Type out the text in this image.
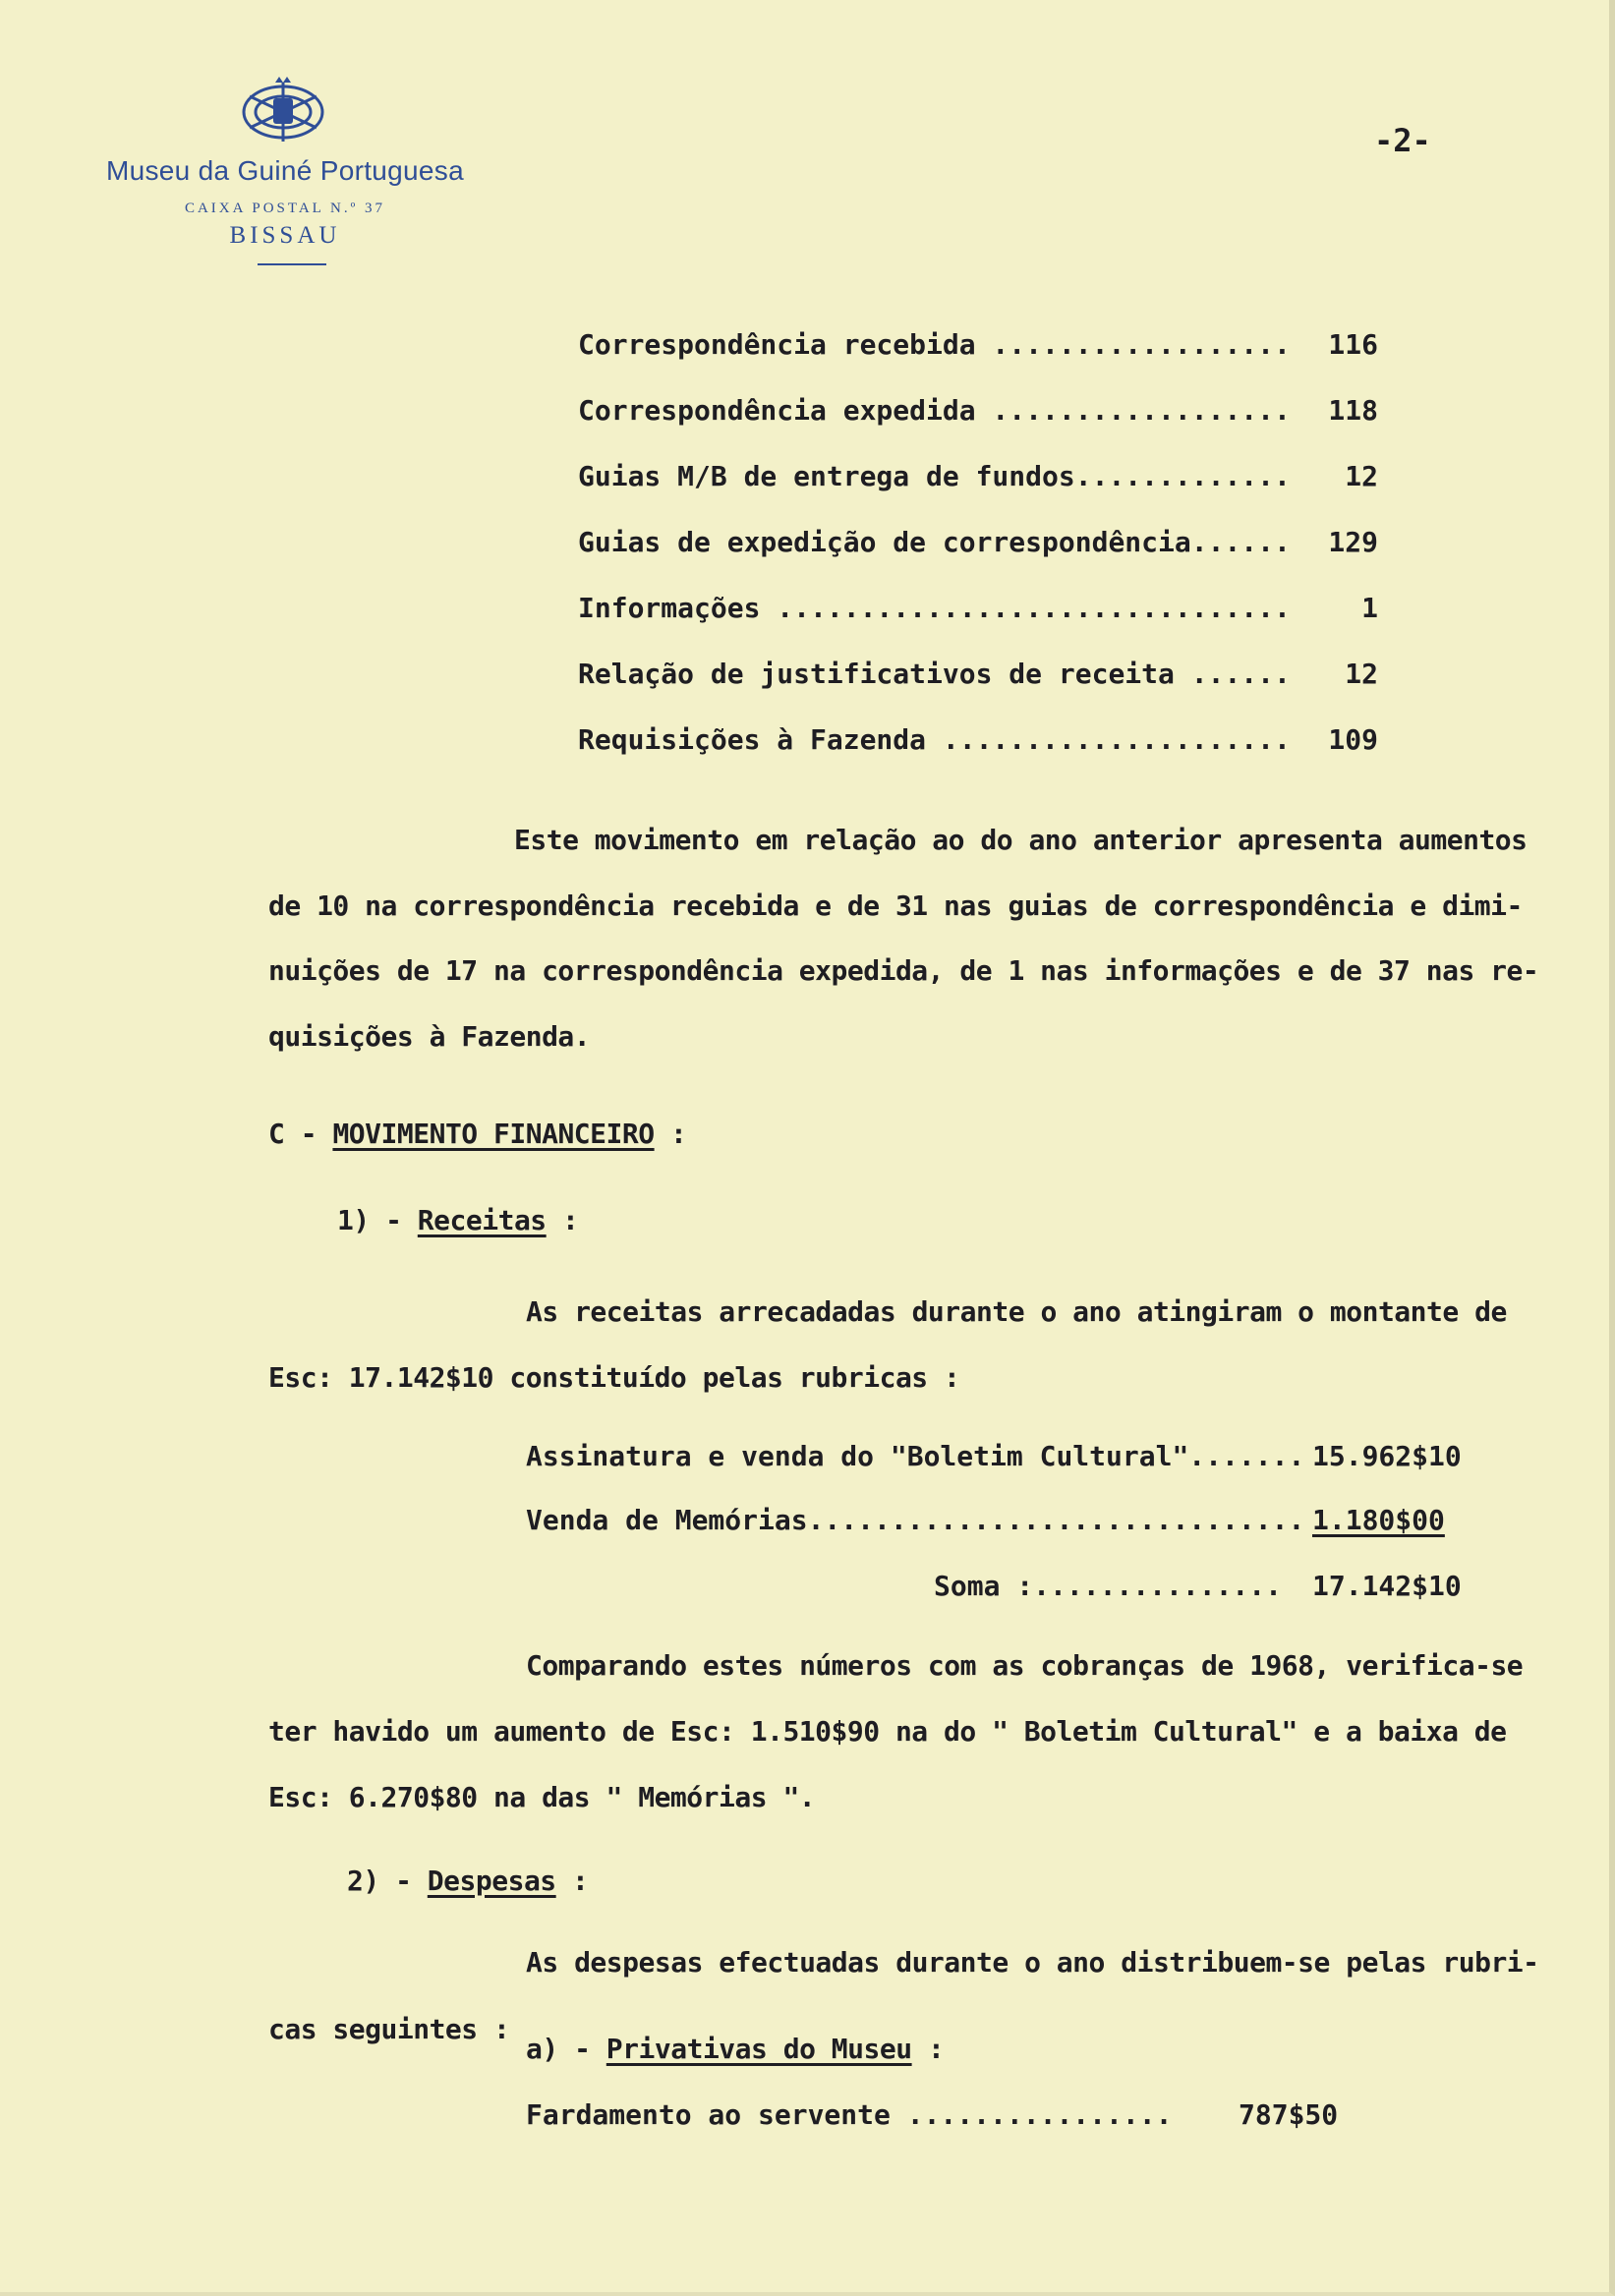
Museu da Guiné Portuguesa
CAIXA POSTAL N.º 37
BISSAU
-2-
Correspondência recebida ..................	116
Correspondência expedida ..................	118
Guias M/B de entrega de fundos.............	12
Guias de expedição de correspondência......	129
Informações ...............................	1
Relação de justificativos de receita ......	12
Requisições à Fazenda .....................	109
Este movimento em relação ao do ano anterior apresenta aumentos
de 10 na correspondência recebida e de 31 nas guias de correspondência e dimi-
nuições de 17 na correspondência expedida, de 1 nas informações e de 37 nas re-
quisições à Fazenda.
C - MOVIMENTO FINANCEIRO :
1) - Receitas :
As receitas arrecadadas durante o ano atingiram o montante de
Esc: 17.142$10 constituído pelas rubricas :
Assinatura e venda do "Boletim Cultural"....... 15.962$10
Venda de Memórias.............................. 1.180$00
Soma :............... 17.142$10
Comparando estes números com as cobranças de 1968, verifica-se
ter havido um aumento de Esc: 1.510$90 na do " Boletim Cultural" e a baixa de
Esc: 6.270$80 na das " Memórias ".
2) - Despesas :
As despesas efectuadas durante o ano distribuem-se pelas rubri-
cas seguintes :
a) - Privativas do Museu :
Fardamento ao servente ................ 787$50
